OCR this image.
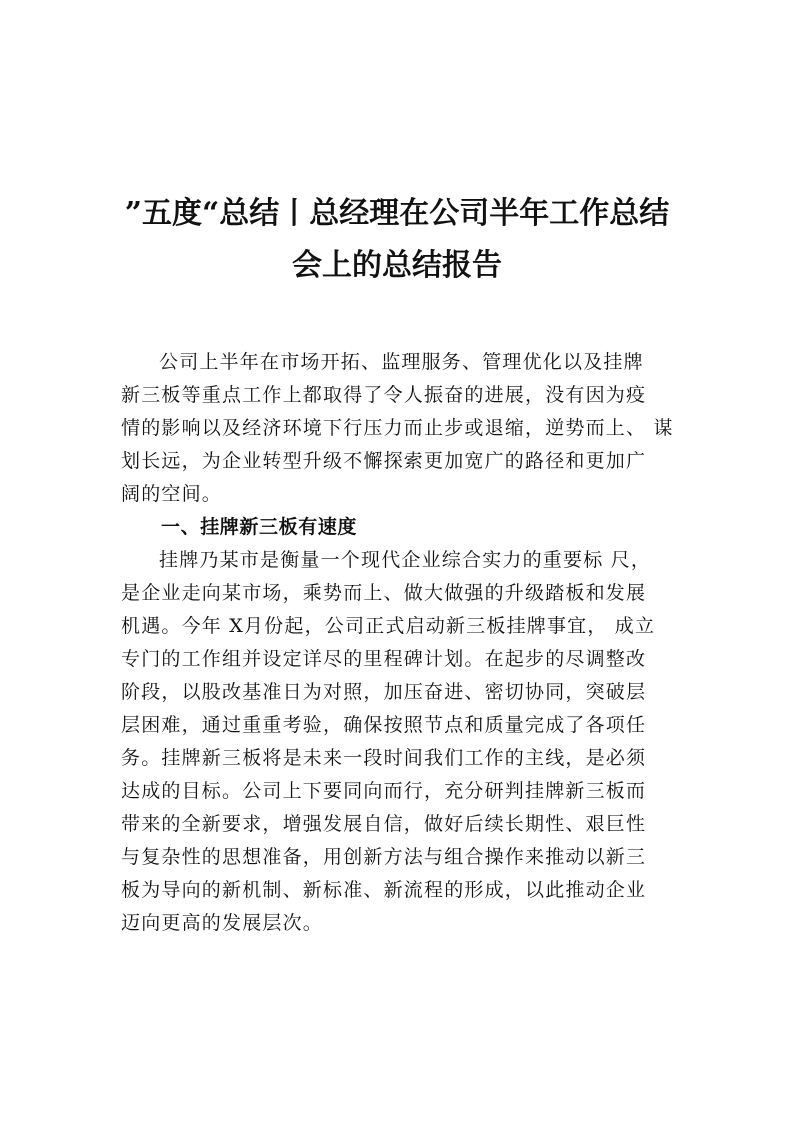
”五度“总结丨总经理在公司半年工作总结
会上的总结报告
公司上半年在市场开拓、监理服务、管理优化以及挂牌
新三板等重点工作上都取得了令人振奋的进展，没有因为疫
情的影响以及经济环境下行压力而止步或退缩，逆势而上、 谋
划长远，为企业转型升级不懈探索更加宽广的路径和更加广
阔的空间。
一、挂牌新三板有速度
挂牌乃某市是衡量一个现代企业综合实力的重要标 尺，
是企业走向某市场，乘势而上、做大做强的升级踏板和发展
机遇。今年 X月份起，公司正式启动新三板挂牌事宜， 成立
专门的工作组并设定详尽的里程碑计划。在起步的尽调整改
阶段，以股改基准日为对照，加压奋进、密切协同，突破层
层困难，通过重重考验，确保按照节点和质量完成了各项任
务。挂牌新三板将是未来一段时间我们工作的主线，是必须
达成的目标。公司上下要同向而行，充分研判挂牌新三板而
带来的全新要求，增强发展自信，做好后续长期性、艰巨性
与复杂性的思想准备，用创新方法与组合操作来推动以新三
板为导向的新机制、新标准、新流程的形成，以此推动企业
迈向更高的发展层次。
